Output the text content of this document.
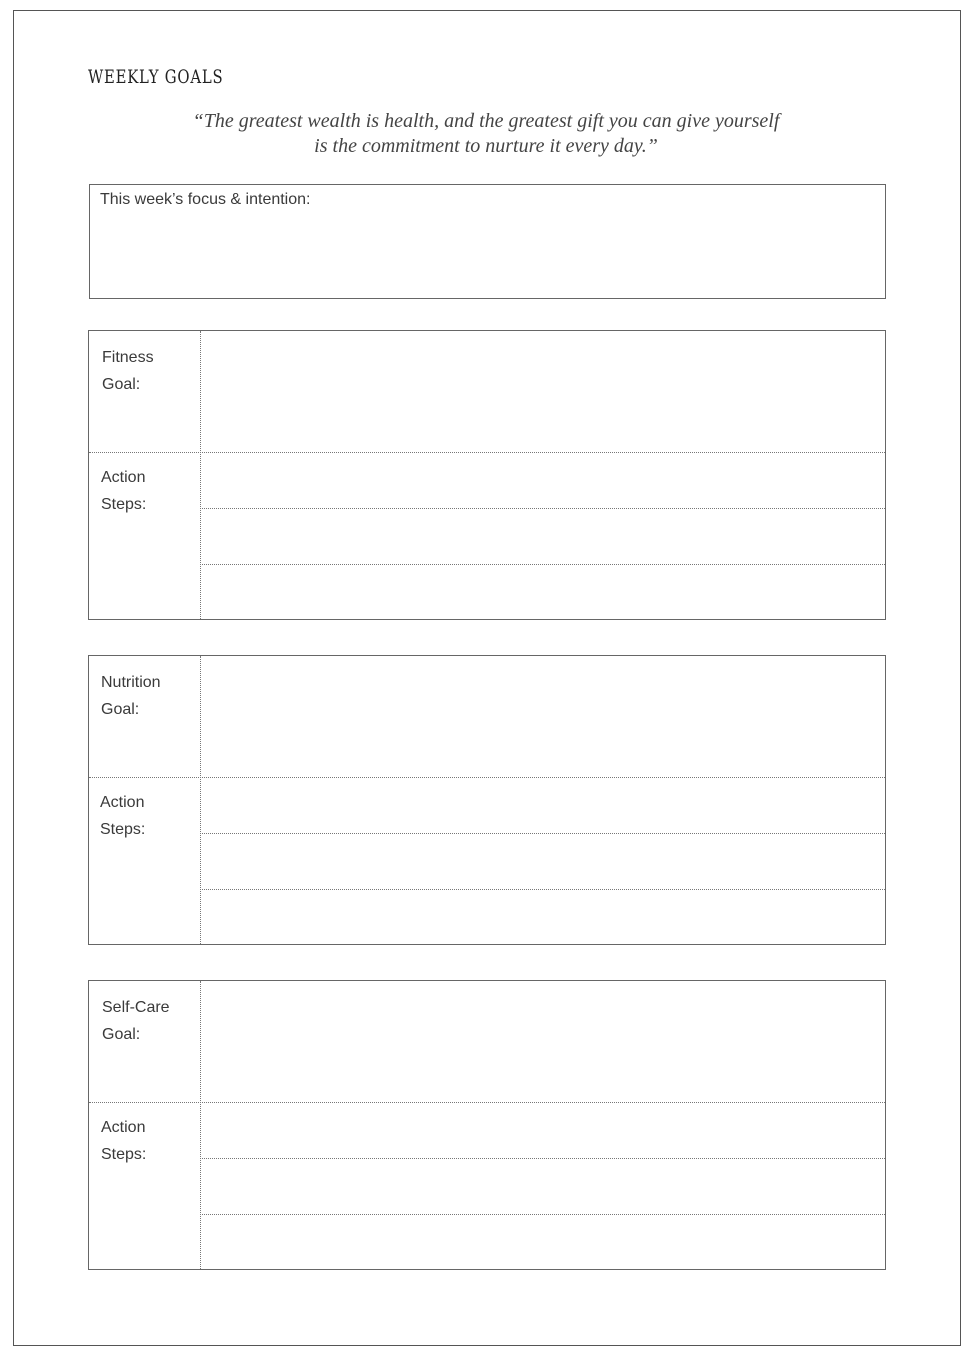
WEEKLY GOALS
“The greatest wealth is health, and the greatest gift you can give yourself
is the commitment to nurture it every day.”
This week’s focus & intention:
Fitness
Goal:
Action
Steps:
Nutrition
Goal:
Action
Steps:
Self-Care
Goal:
Action
Steps:
